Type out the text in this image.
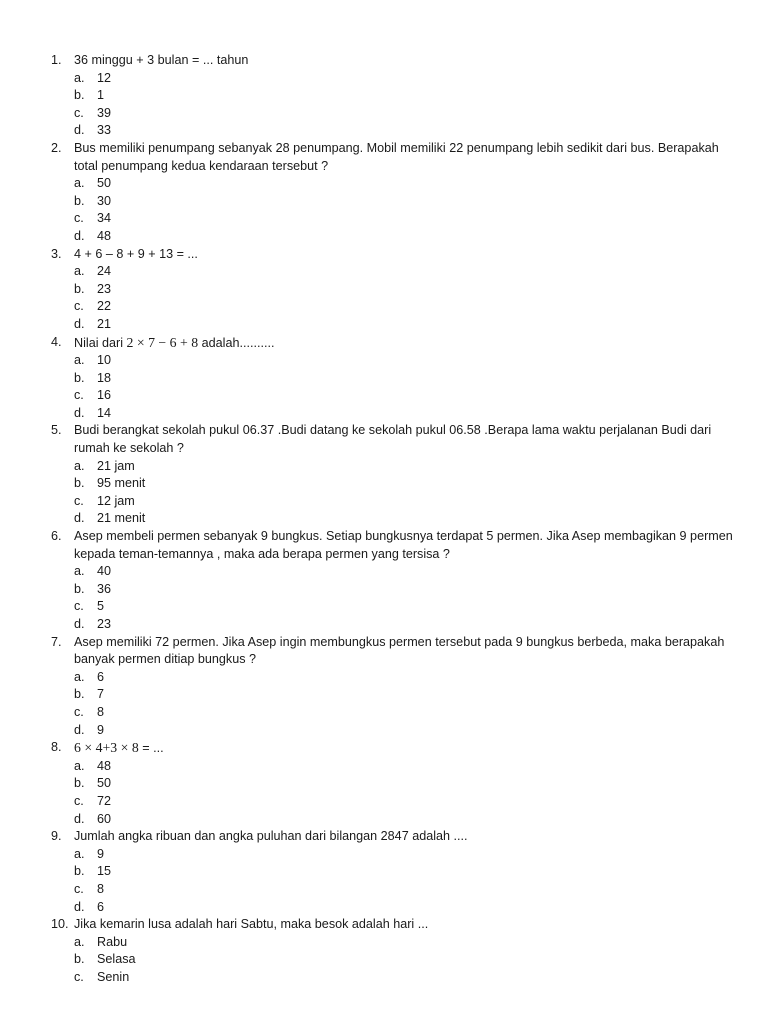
1. 36 minggu + 3 bulan = ... tahun
a. 12
b. 1
c. 39
d. 33
2. Bus memiliki penumpang sebanyak 28 penumpang. Mobil memiliki 22 penumpang lebih sedikit dari bus. Berapakah total penumpang kedua kendaraan tersebut ?
a. 50
b. 30
c. 34
d. 48
3. 4 + 6 – 8 + 9 + 13 = ...
a. 24
b. 23
c. 22
d. 21
4. Nilai dari 2 × 7 − 6 + 8 adalah..........
a. 10
b. 18
c. 16
d. 14
5. Budi berangkat sekolah pukul 06.37 .Budi datang ke sekolah pukul 06.58 .Berapa lama waktu perjalanan Budi dari rumah ke sekolah ?
a. 21 jam
b. 95 menit
c. 12 jam
d. 21 menit
6. Asep membeli permen sebanyak 9 bungkus. Setiap bungkusnya terdapat 5 permen. Jika Asep membagikan 9 permen kepada teman-temannya , maka ada berapa permen yang tersisa ?
a. 40
b. 36
c. 5
d. 23
7. Asep memiliki 72 permen. Jika Asep ingin membungkus permen tersebut pada 9 bungkus berbeda, maka berapakah banyak permen ditiap bungkus ?
a. 6
b. 7
c. 8
d. 9
8. 6 × 4+3 × 8 = ...
a. 48
b. 50
c. 72
d. 60
9. Jumlah angka ribuan dan angka puluhan dari bilangan 2847 adalah ....
a. 9
b. 15
c. 8
d. 6
10. Jika kemarin lusa adalah hari Sabtu, maka besok adalah hari ...
a. Rabu
b. Selasa
c. Senin
